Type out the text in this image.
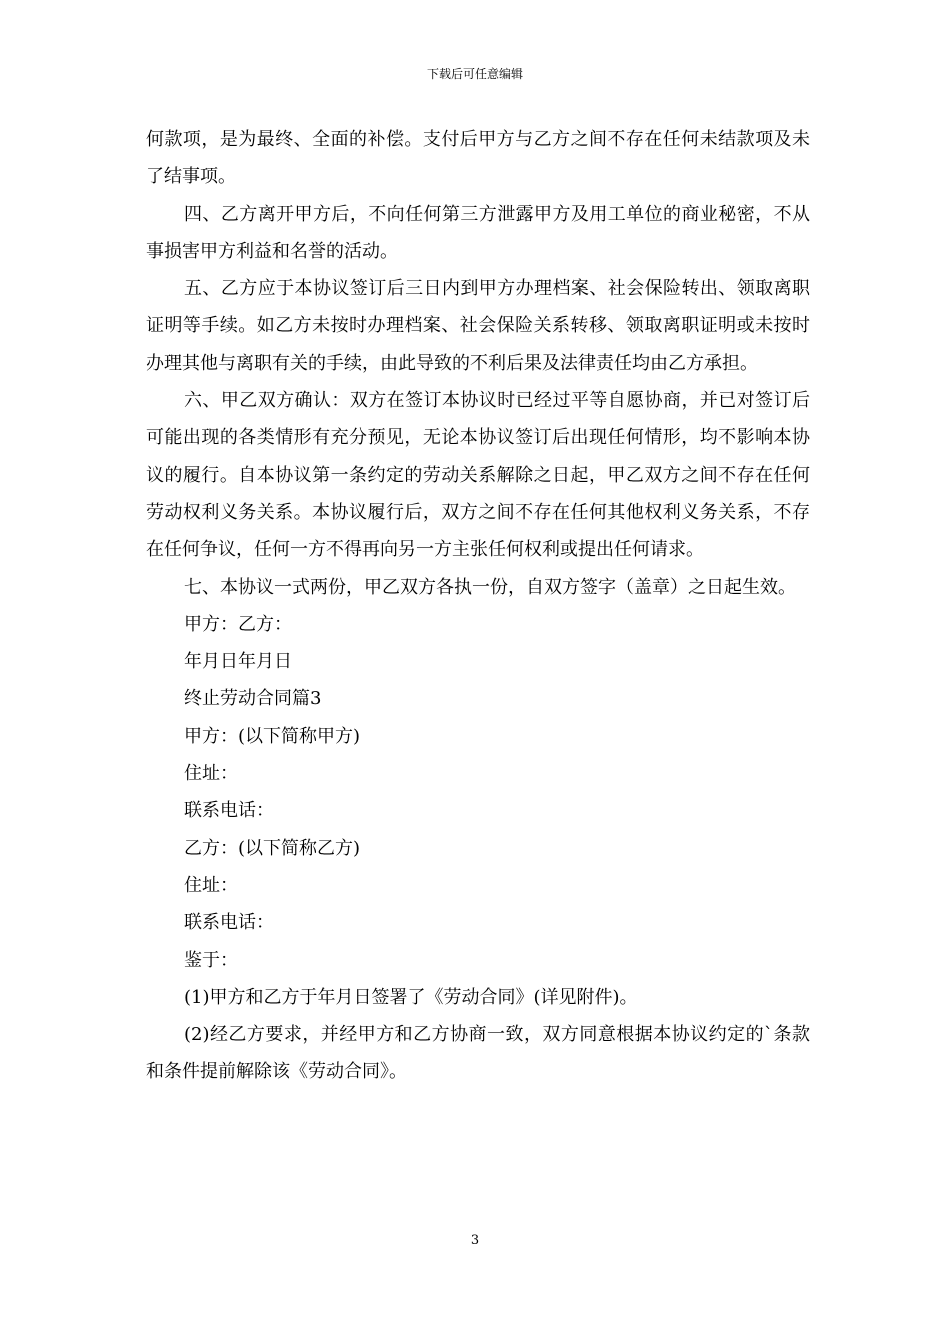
下载后可任意编辑

何款项，是为最终、全面的补偿。支付后甲方与乙方之间不存在任何未结款项及未了结事项。

四、乙方离开甲方后，不向任何第三方泄露甲方及用工单位的商业秘密，不从事损害甲方利益和名誉的活动。

五、乙方应于本协议签订后三日内到甲方办理档案、社会保险转出、领取离职证明等手续。如乙方未按时办理档案、社会保险关系转移、领取离职证明或未按时办理其他与离职有关的手续，由此导致的不利后果及法律责任均由乙方承担。

六、甲乙双方确认：双方在签订本协议时已经过平等自愿协商，并已对签订后可能出现的各类情形有充分预见，无论本协议签订后出现任何情形，均不影响本协议的履行。自本协议第一条约定的劳动关系解除之日起，甲乙双方之间不存在任何劳动权利义务关系。本协议履行后，双方之间不存在任何其他权利义务关系，不存在任何争议，任何一方不得再向另一方主张任何权利或提出任何请求。

七、本协议一式两份，甲乙双方各执一份，自双方签字（盖章）之日起生效。

甲方：乙方：

年月日年月日

终止劳动合同篇3

甲方：(以下简称甲方)

住址：

联系电话：

乙方：(以下简称乙方)

住址：

联系电话：

鉴于：

(1)甲方和乙方于年月日签署了《劳动合同》(详见附件)。

(2)经乙方要求，并经甲方和乙方协商一致，双方同意根据本协议约定的`条款和条件提前解除该《劳动合同》。

3
